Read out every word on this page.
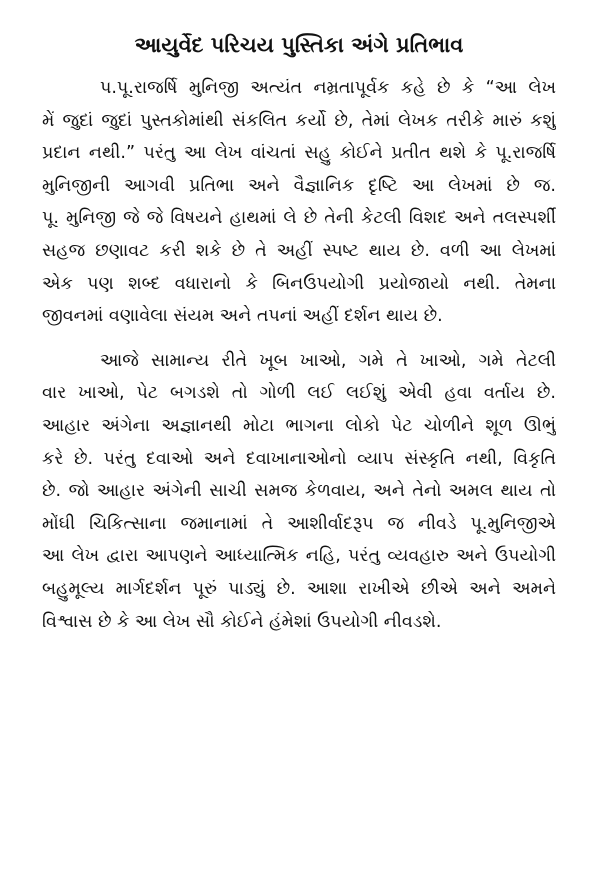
આયુર્વેદ પરિચય પુસ્તિકા અંગે પ્રતિભાવ
પ.પૂ.રાજર્ષિ મુનિજી અત્યંત નમ્રતાપૂર્વક કહે છે કે “આ લેખ
મેં જુદાં જુદાં પુસ્તકોમાંથી સંકલિત કર્યો છે, તેમાં લેખક તરીકે મારું કશું
પ્રદાન નથી.” પરંતુ આ લેખ વાંચતાં સહુ કોઈને પ્રતીત થશે કે પૂ.રાજર્ષિ
મુનિજીની આગવી પ્રતિભા અને વૈજ્ઞાનિક દૃષ્ટિ આ લેખમાં છે જ.
પૂ. મુનિજી જે જે વિષયને હાથમાં લે છે તેની કેટલી વિશદ અને તલસ્પર્શી
સહજ છણાવટ કરી શકે છે તે અહીં સ્પષ્ટ થાય છે. વળી આ લેખમાં
એક પણ શબ્દ વધારાનો કે બિનઉપયોગી પ્રયોજાયો નથી. તેમના
જીવનમાં વણાવેલા સંયમ અને તપનાં અહીં દર્શન થાય છે.
આજે સામાન્ય રીતે ખૂબ ખાઓ, ગમે તે ખાઓ, ગમે તેટલી
વાર ખાઓ, પેટ બગડશે તો ગોળી લઈ લઈશું એવી હવા વર્તાય છે.
આહાર અંગેના અજ્ઞાનથી મોટા ભાગના લોકો પેટ ચોળીને શૂળ ઊભું
કરે છે. પરંતુ દવાઓ અને દવાખાનાઓનો વ્યાપ સંસ્કૃતિ નથી, વિકૃતિ
છે. જો આહાર અંગેની સાચી સમજ કેળવાય, અને તેનો અમલ થાય તો
મોંઘી ચિકિત્સાના જમાનામાં તે આશીર્વાદરૂપ જ નીવડે પૂ.મુનિજીએ
આ લેખ દ્વારા આપણને આધ્યાત્મિક નહિ, પરંતુ વ્યવહારુ અને ઉપયોગી
બહુમૂલ્ય માર્ગદર્શન પૂરું પાડ્યું છે. આશા રાખીએ છીએ અને અમને
વિશ્વાસ છે કે આ લેખ સૌ કોઈને હંમેશાં ઉપયોગી નીવડશે.
